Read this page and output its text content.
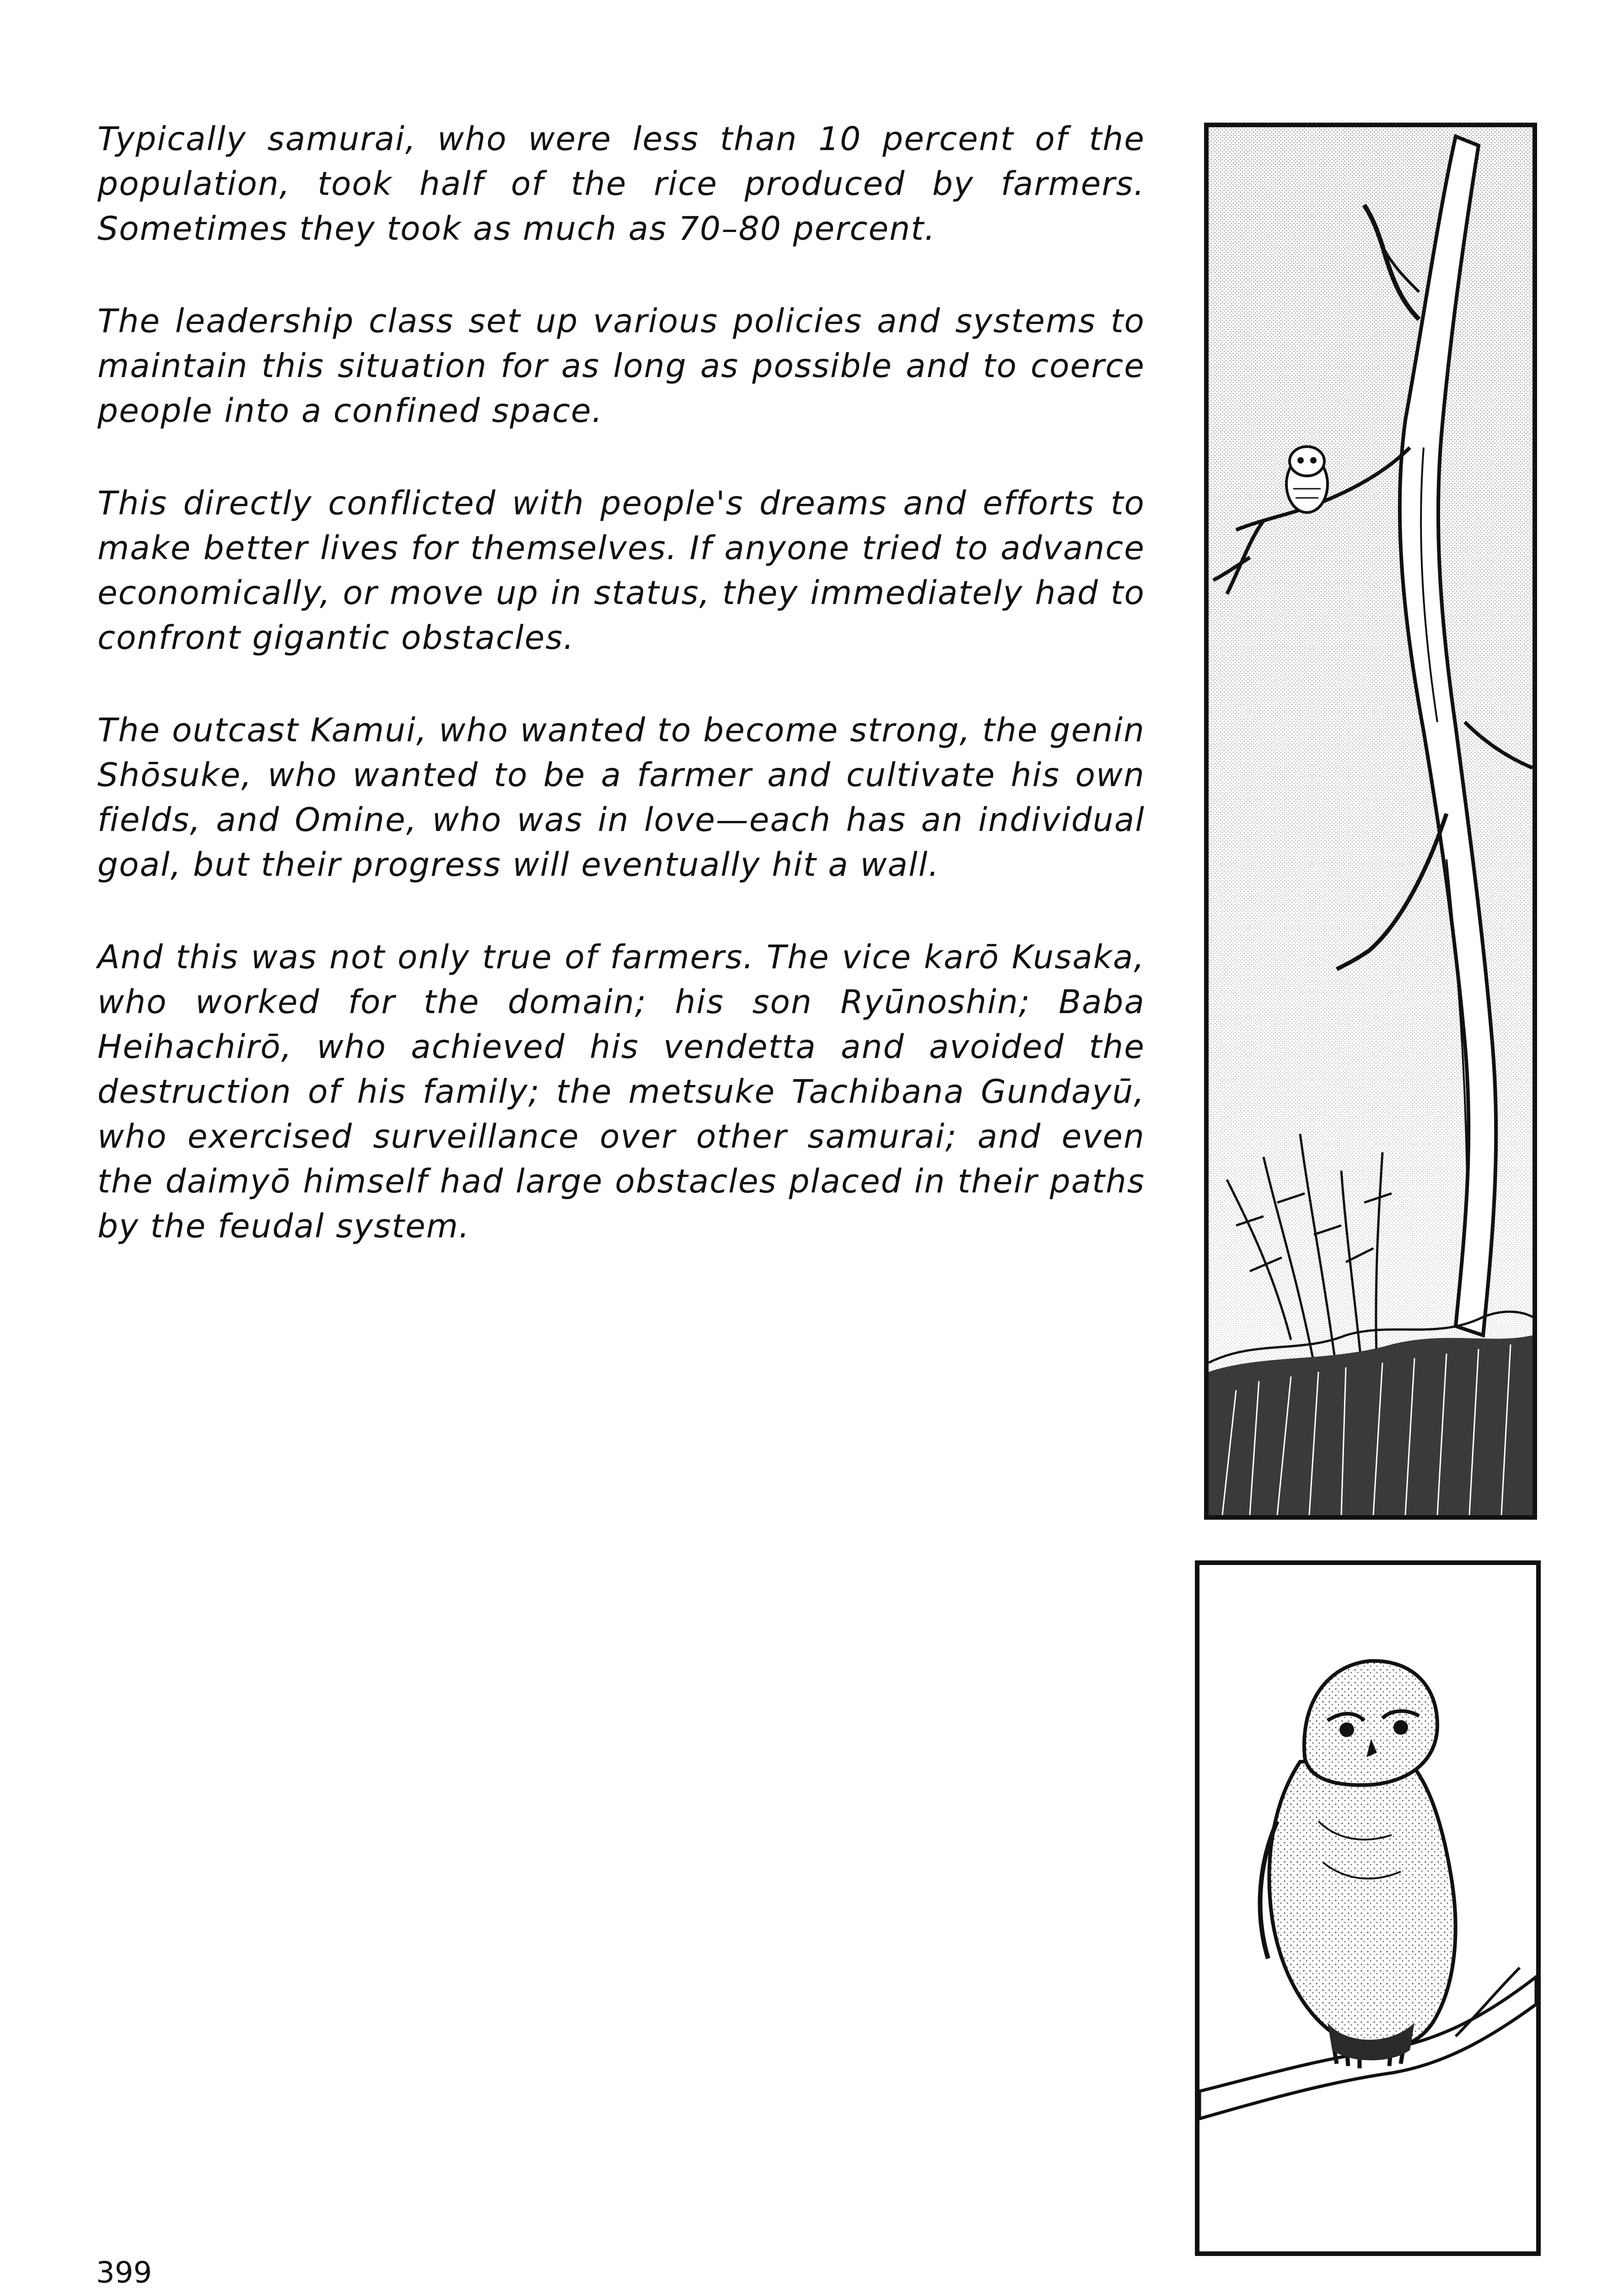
Typically samurai, who were less than 10 percent of the population, took half of the rice produced by farmers. Sometimes they took as much as 70–80 percent.

The leadership class set up various policies and systems to maintain this situation for as long as possible and to coerce people into a confined space.

This directly conflicted with people's dreams and efforts to make better lives for themselves. If anyone tried to advance economically, or move up in status, they immediately had to confront gigantic obstacles.

The outcast Kamui, who wanted to become strong, the genin Shōsuke, who wanted to be a farmer and cultivate his own fields, and Omine, who was in love—each has an individual goal, but their progress will eventually hit a wall.

And this was not only true of farmers. The vice karō Kusaka, who worked for the domain; his son Ryūnoshin; Baba Heihachirō, who achieved his vendetta and avoided the destruction of his family; the metsuke Tachibana Gundayū, who exercised surveillance over other samurai; and even the daimyō himself had large obstacles placed in their paths by the feudal system.

399
